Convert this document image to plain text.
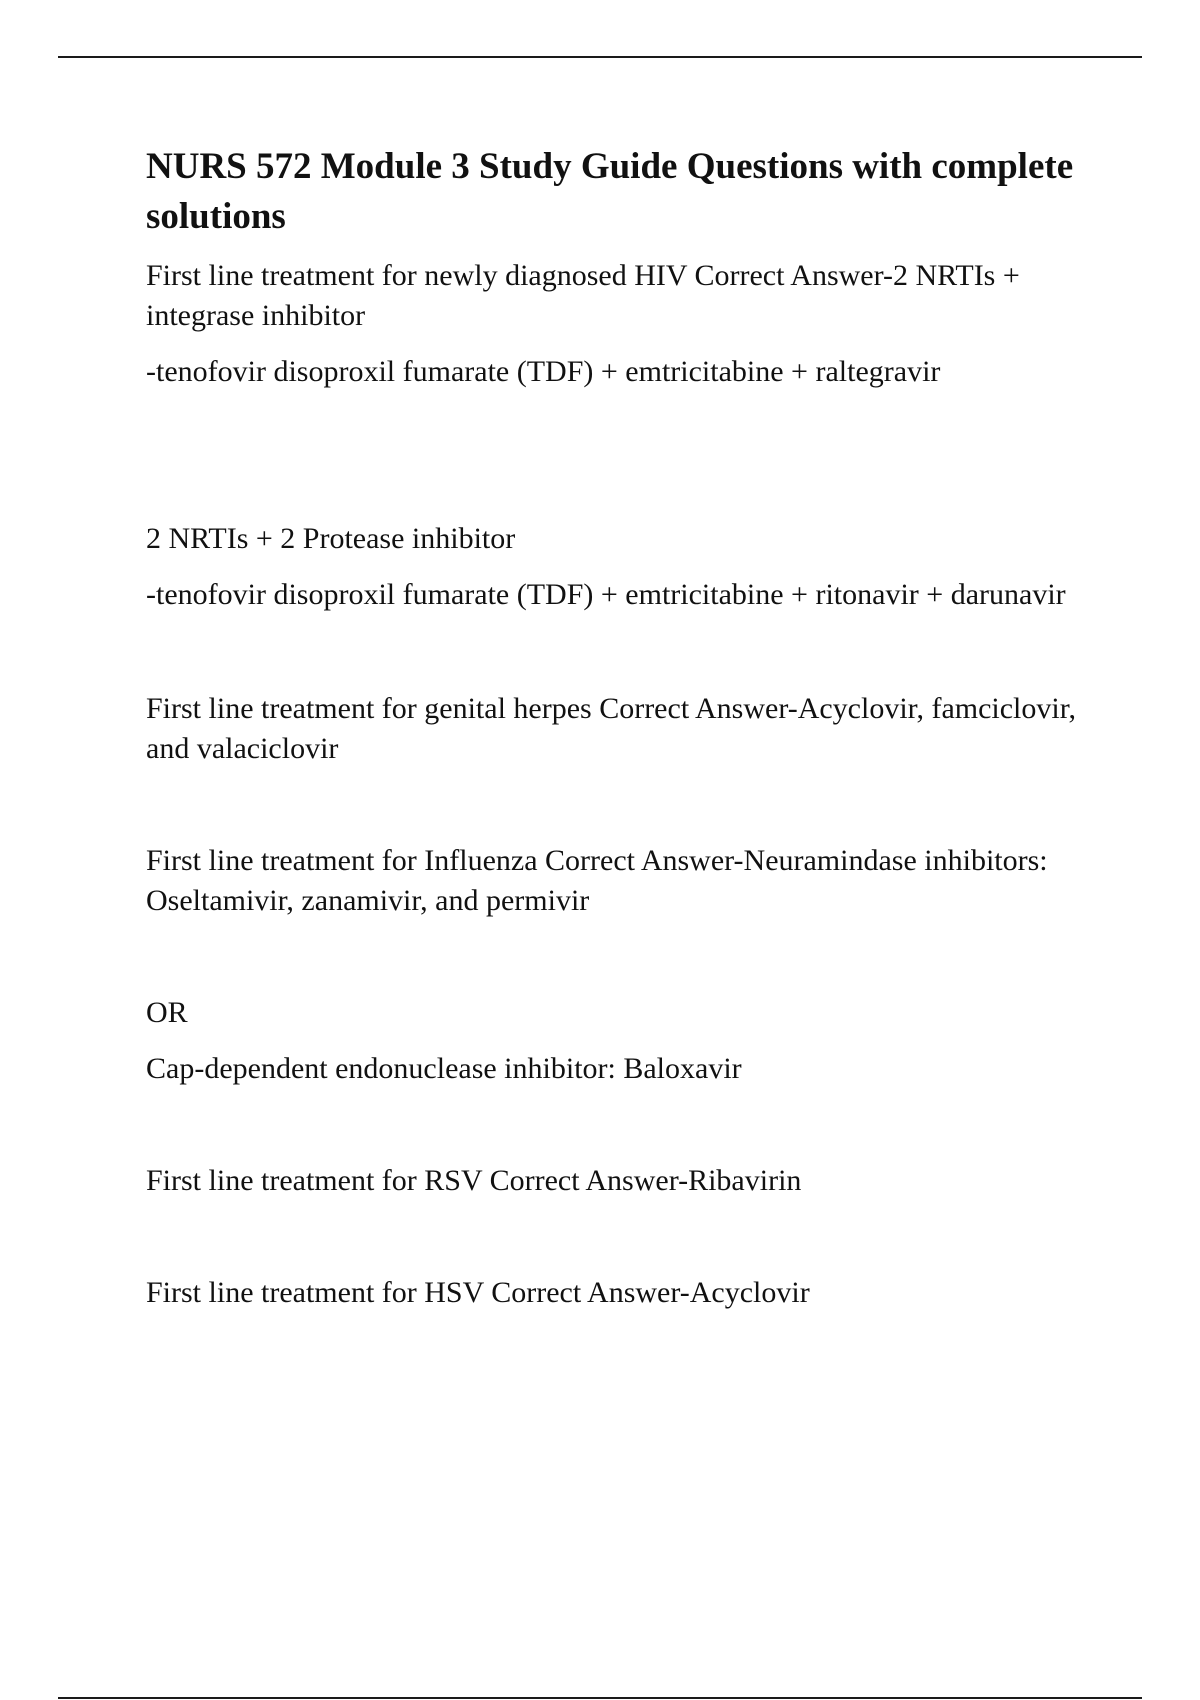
NURS 572 Module 3 Study Guide Questions with complete solutions

First line treatment for newly diagnosed HIV Correct Answer-2 NRTIs + integrase inhibitor

-tenofovir disoproxil fumarate (TDF) + emtricitabine + raltegravir

2 NRTIs + 2 Protease inhibitor

-tenofovir disoproxil fumarate (TDF) + emtricitabine + ritonavir + darunavir

First line treatment for genital herpes Correct Answer-Acyclovir, famciclovir, and valaciclovir

First line treatment for Influenza Correct Answer-Neuramindase inhibitors: Oseltamivir, zanamivir, and permivir

OR

Cap-dependent endonuclease inhibitor: Baloxavir

First line treatment for RSV Correct Answer-Ribavirin

First line treatment for HSV Correct Answer-Acyclovir
